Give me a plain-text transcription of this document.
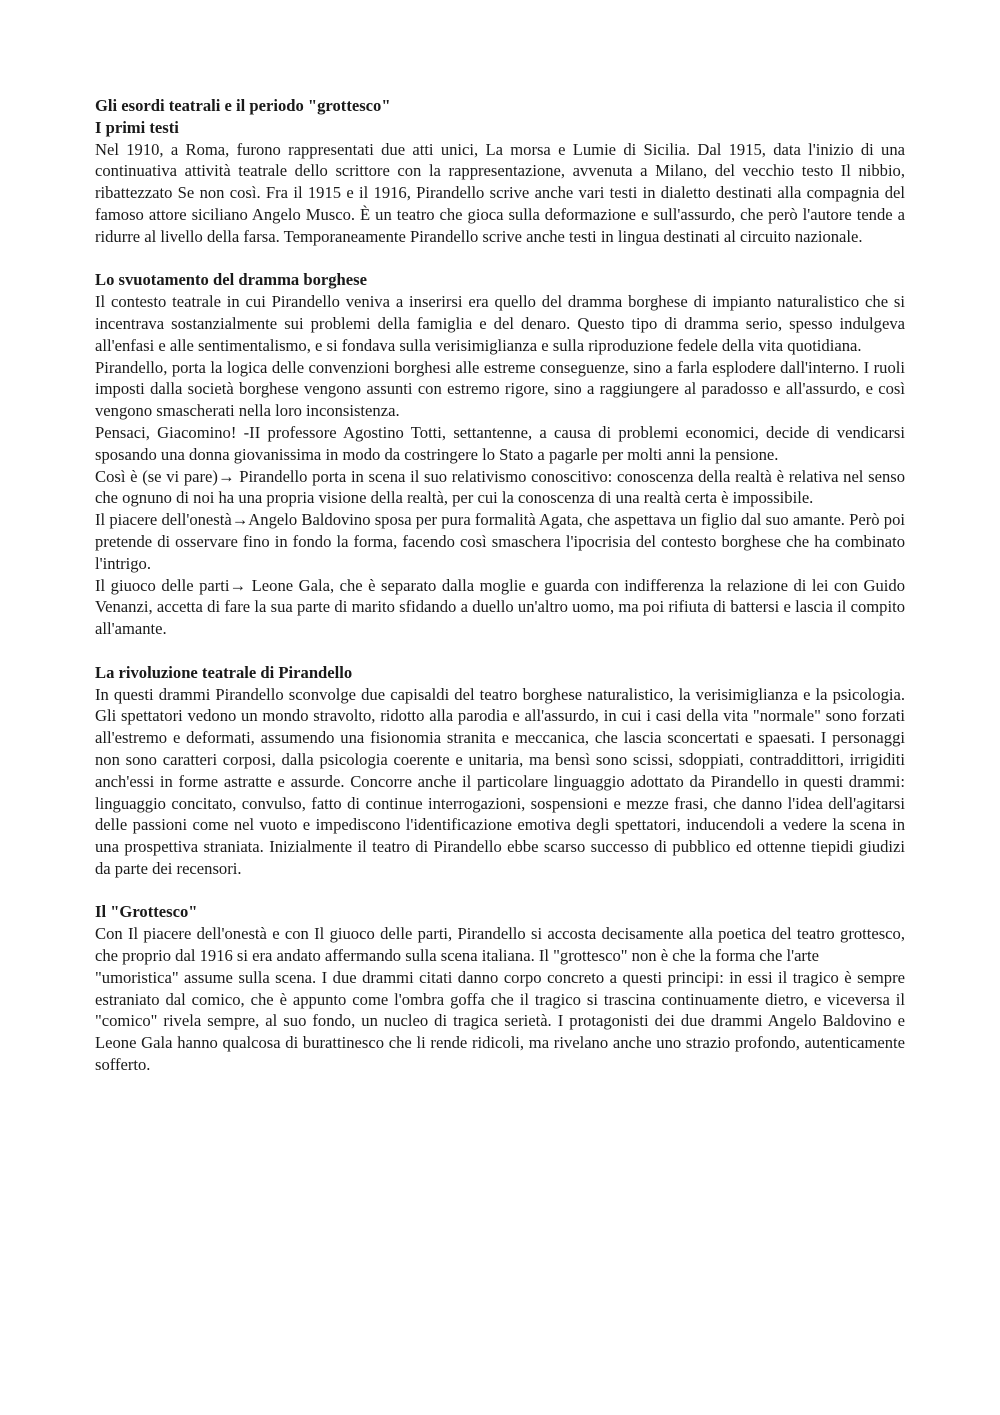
Gli esordi teatrali e il periodo "grottesco"

I primi testi

Nel 1910, a Roma, furono rappresentati due atti unici, La morsa e Lumie di Sicilia. Dal 1915, data l'inizio di una continuativa attività teatrale dello scrittore con la rappresentazione, avvenuta a Milano, del vecchio testo Il nibbio, ribattezzato Se non così. Fra il 1915 e il 1916, Pirandello scrive anche vari testi in dialetto destinati alla compagnia del famoso attore siciliano Angelo Musco. È un teatro che gioca sulla deformazione e sull'assurdo, che però l'autore tende a ridurre al livello della farsa. Temporaneamente Pirandello scrive anche testi in lingua destinati al circuito nazionale.

Lo svuotamento del dramma borghese

Il contesto teatrale in cui Pirandello veniva a inserirsi era quello del dramma borghese di impianto naturalistico che si incentrava sostanzialmente sui problemi della famiglia e del denaro. Questo tipo di dramma serio, spesso indulgeva all'enfasi e alle sentimentalismo, e si fondava sulla verisimiglianza e sulla riproduzione fedele della vita quotidiana.

Pirandello, porta la logica delle convenzioni borghesi alle estreme conseguenze, sino a farla esplodere dall'interno. I ruoli imposti dalla società borghese vengono assunti con estremo rigore, sino a raggiungere al paradosso e all'assurdo, e così vengono smascherati nella loro inconsistenza.

Pensaci, Giacomino! -II professore Agostino Totti, settantenne, a causa di problemi economici, decide di vendicarsi sposando una donna giovanissima in modo da costringere lo Stato a pagarle per molti anni la pensione.

Così è (se vi pare)→ Pirandello porta in scena il suo relativismo conoscitivo: conoscenza della realtà è relativa nel senso che ognuno di noi ha una propria visione della realtà, per cui la conoscenza di una realtà certa è impossibile.

Il piacere dell'onestà→Angelo Baldovino sposa per pura formalità Agata, che aspettava un figlio dal suo amante. Però poi pretende di osservare fino in fondo la forma, facendo così smaschera l'ipocrisia del contesto borghese che ha combinato l'intrigo.

Il giuoco delle parti→ Leone Gala, che è separato dalla moglie e guarda con indifferenza la relazione di lei con Guido Venanzi, accetta di fare la sua parte di marito sfidando a duello un'altro uomo, ma poi rifiuta di battersi e lascia il compito all'amante.

La rivoluzione teatrale di Pirandello

In questi drammi Pirandello sconvolge due capisaldi del teatro borghese naturalistico, la verisimiglianza e la psicologia. Gli spettatori vedono un mondo stravolto, ridotto alla parodia e all'assurdo, in cui i casi della vita "normale" sono forzati all'estremo e deformati, assumendo una fisionomia stranita e meccanica, che lascia sconcertati e spaesati. I personaggi non sono caratteri corposi, dalla psicologia coerente e unitaria, ma bensì sono scissi, sdoppiati, contraddittori, irrigiditi anch'essi in forme astratte e assurde. Concorre anche il particolare linguaggio adottato da Pirandello in questi drammi: linguaggio concitato, convulso, fatto di continue interrogazioni, sospensioni e mezze frasi, che danno l'idea dell'agitarsi delle passioni come nel vuoto e impediscono l'identificazione emotiva degli spettatori, inducendoli a vedere la scena in una prospettiva straniata. Inizialmente il teatro di Pirandello ebbe scarso successo di pubblico ed ottenne tiepidi giudizi da parte dei recensori.

Il "Grottesco"

Con Il piacere dell'onestà e con Il giuoco delle parti, Pirandello si accosta decisamente alla poetica del teatro grottesco, che proprio dal 1916 si era andato affermando sulla scena italiana. Il "grottesco" non è che la forma che l'arte

"umoristica" assume sulla scena. I due drammi citati danno corpo concreto a questi principi: in essi il tragico è sempre estraniato dal comico, che è appunto come l'ombra goffa che il tragico si trascina continuamente dietro, e viceversa il "comico" rivela sempre, al suo fondo, un nucleo di tragica serietà. I protagonisti dei due drammi Angelo Baldovino e Leone Gala hanno qualcosa di burattinesco che li rende ridicoli, ma rivelano anche uno strazio profondo, autenticamente sofferto.
